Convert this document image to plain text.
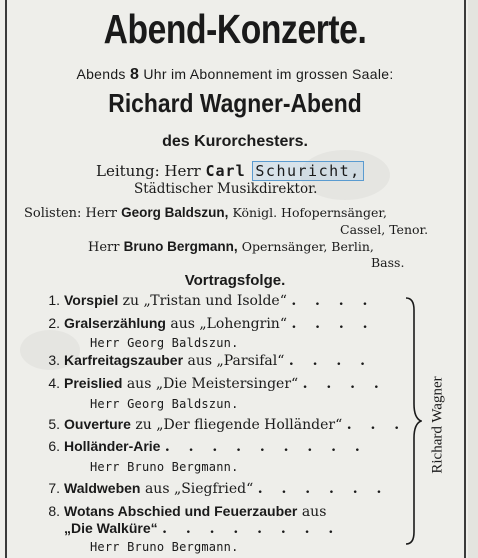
Abend-Konzerte.
Abends 8 Uhr im Abonnement im grossen Saale:
Richard Wagner-Abend
des Kurorchesters.
Leitung: Herr Carl Schuricht,
Städtischer Musikdirektor.
Solisten: Herr Georg Baldszun, Königl. Hofopernsänger,
Cassel, Tenor.
Herr Bruno Bergmann, Opernsänger, Berlin,
Bass.
Vortragsfolge.
1. Vorspiel zu „Tristan und Isolde“ . . . .
2. Gralserzählung aus „Lohengrin“ . . . .
Herr Georg Baldszun.
3. Karfreitagszauber aus „Parsifal“ . . . .
4. Preislied aus „Die Meistersinger“ . . . .
Herr Georg Baldszun.
5. Ouverture zu „Der fliegende Holländer“ . . .
6. Holländer-Arie . . . . . . . . .
Herr Bruno Bergmann.
7. Waldweben aus „Siegfried“ . . . . . .
8. Wotans Abschied und Feuerzauber aus
„Die Walküre“ . . . . . . . .
Herr Bruno Bergmann.
Richard Wagner
